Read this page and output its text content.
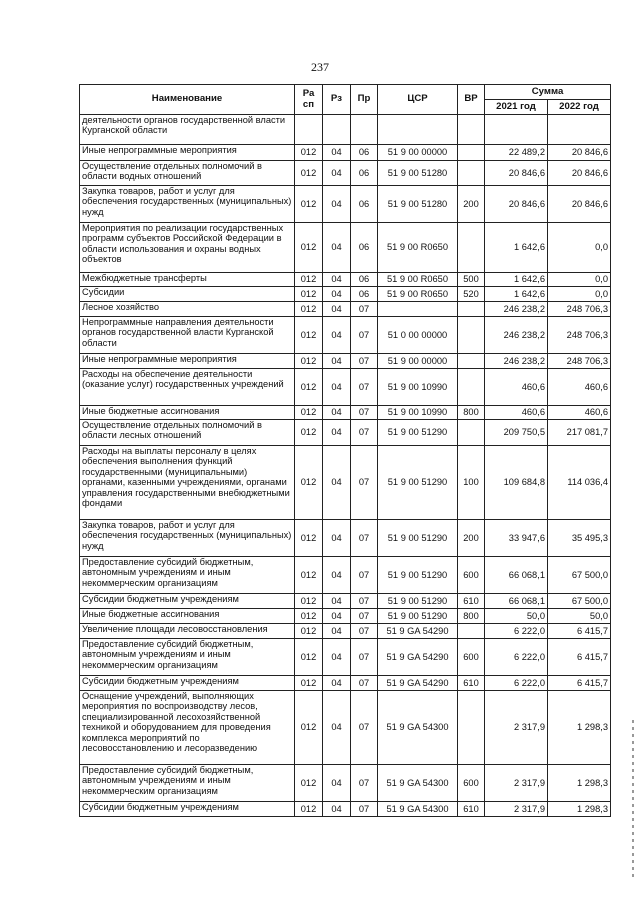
237
Наименование	Ра сп	Рз	Пр	ЦСР	ВР	Сумма	
						2021 год	2022 год
деятельности органов государственной власти Курганской области							
Иные непрограммные мероприятия	012	04	06	51 9 00 00000		22 489,2	20 846,6
Осуществление отдельных полномочий в области водных отношений	012	04	06	51 9 00 51280		20 846,6	20 846,6
Закупка товаров, работ и услуг для обеспечения государственных (муниципальных) нужд	012	04	06	51 9 00 51280	200	20 846,6	20 846,6
Мероприятия по реализации государственных программ субъектов Российской Федерации в области использования и охраны водных объектов	012	04	06	51 9 00 R0650		1 642,6	0,0
Межбюджетные трансферты	012	04	06	51 9 00 R0650	500	1 642,6	0,0
Субсидии	012	04	06	51 9 00 R0650	520	1 642,6	0,0
Лесное хозяйство	012	04	07			246 238,2	248 706,3
Непрограммные направления деятельности органов государственной власти Курганской области	012	04	07	51 0 00 00000		246 238,2	248 706,3
Иные непрограммные мероприятия	012	04	07	51 9 00 00000		246 238,2	248 706,3
Расходы на обеспечение деятельности (оказание услуг) государственных учреждений	012	04	07	51 9 00 10990		460,6	460,6
Иные бюджетные ассигнования	012	04	07	51 9 00 10990	800	460,6	460,6
Осуществление отдельных полномочий в области лесных отношений	012	04	07	51 9 00 51290		209 750,5	217 081,7
Расходы на выплаты персоналу в целях обеспечения выполнения функций государственными (муниципальными) органами, казенными учреждениями, органами управления государственными внебюджетными фондами	012	04	07	51 9 00 51290	100	109 684,8	114 036,4
Закупка товаров, работ и услуг для обеспечения государственных (муниципальных) нужд	012	04	07	51 9 00 51290	200	33 947,6	35 495,3
Предоставление субсидий бюджетным, автономным учреждениям и иным некоммерческим организациям	012	04	07	51 9 00 51290	600	66 068,1	67 500,0
Субсидии бюджетным учреждениям	012	04	07	51 9 00 51290	610	66 068,1	67 500,0
Иные бюджетные ассигнования	012	04	07	51 9 00 51290	800	50,0	50,0
Увеличение площади лесовосстановления	012	04	07	51 9 GA 54290		6 222,0	6 415,7
Предоставление субсидий бюджетным, автономным учреждениям и иным некоммерческим организациям	012	04	07	51 9 GA 54290	600	6 222,0	6 415,7
Субсидии бюджетным учреждениям	012	04	07	51 9 GA 54290	610	6 222,0	6 415,7
Оснащение учреждений, выполняющих мероприятия по воспроизводству лесов, специализированной лесохозяйственной техникой и оборудованием для проведения комплекса мероприятий по лесовосстановлению и лесоразведению	012	04	07	51 9 GA 54300		2 317,9	1 298,3
Предоставление субсидий бюджетным, автономным учреждениям и иным некоммерческим организациям	012	04	07	51 9 GA 54300	600	2 317,9	1 298,3
Субсидии бюджетным учреждениям	012	04	07	51 9 GA 54300	610	2 317,9	1 298,3
